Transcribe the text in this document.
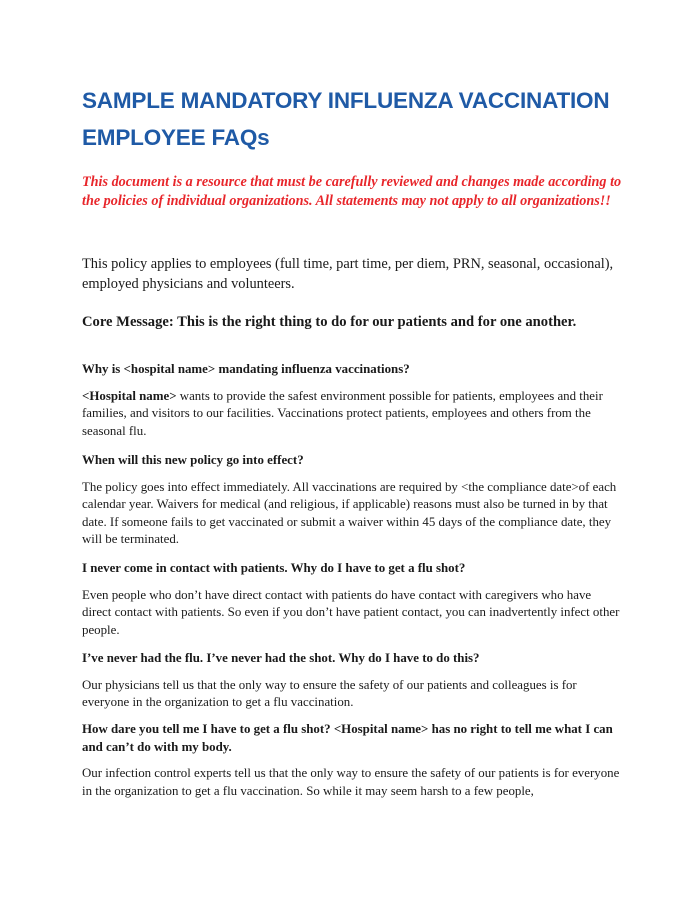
SAMPLE MANDATORY INFLUENZA VACCINATION
EMPLOYEE FAQs

This document is a resource that must be carefully reviewed and changes made according to the policies of individual organizations. All statements may not apply to all organizations!!

This policy applies to employees (full time, part time, per diem, PRN, seasonal, occasional), employed physicians and volunteers.

Core Message: This is the right thing to do for our patients and for one another.

Why is <hospital name> mandating influenza vaccinations?

<Hospital name> wants to provide the safest environment possible for patients, employees and their families, and visitors to our facilities. Vaccinations protect patients, employees and others from the seasonal flu.

When will this new policy go into effect?

The policy goes into effect immediately. All vaccinations are required by <the compliance date>of each calendar year. Waivers for medical (and religious, if applicable) reasons must also be turned in by that date. If someone fails to get vaccinated or submit a waiver within 45 days of the compliance date, they will be terminated.

I never come in contact with patients. Why do I have to get a flu shot?

Even people who don’t have direct contact with patients do have contact with caregivers who have direct contact with patients. So even if you don’t have patient contact, you can inadvertently infect other people.

I’ve never had the flu. I’ve never had the shot. Why do I have to do this?

Our physicians tell us that the only way to ensure the safety of our patients and colleagues is for everyone in the organization to get a flu vaccination.

How dare you tell me I have to get a flu shot? <Hospital name> has no right to tell me what I can and can’t do with my body.

Our infection control experts tell us that the only way to ensure the safety of our patients is for everyone in the organization to get a flu vaccination. So while it may seem harsh to a few people,
